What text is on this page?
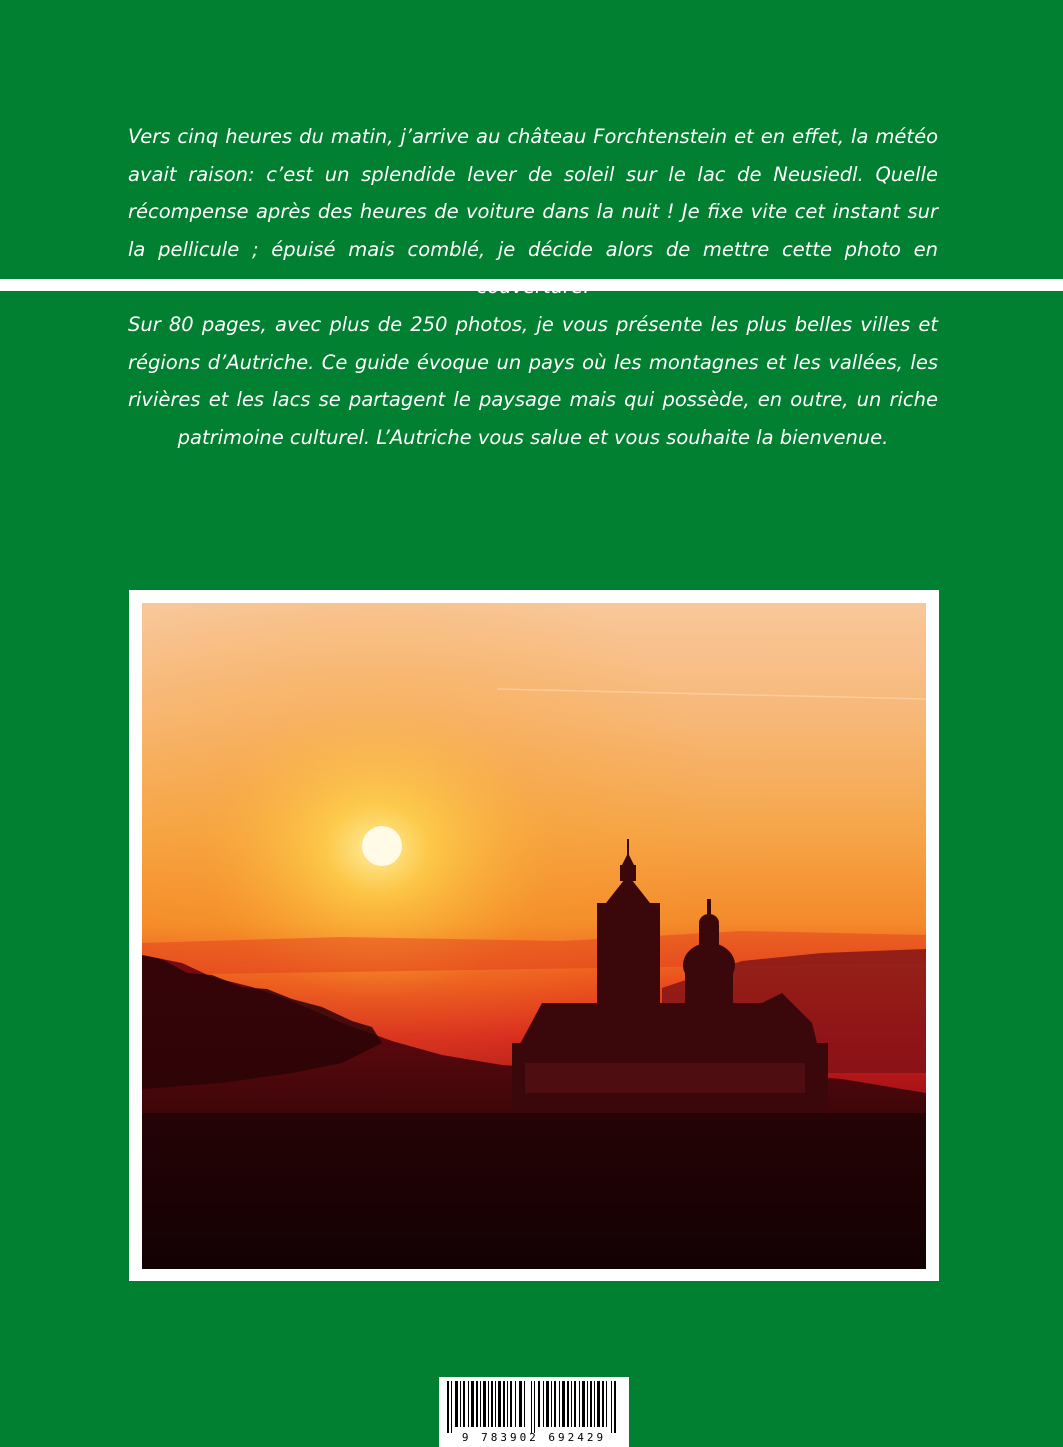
Vers cinq heures du matin, j’arrive au château Forchtenstein et en effet, la météo avait raison: c’est un splendide lever de soleil sur le lac de Neusiedl. Quelle récompense après des heures de voiture dans la nuit ! Je fixe vite cet instant sur la pellicule ; épuisé mais comblé, je décide alors de mettre cette photo en

Sur 80 pages, avec plus de 250 photos, je vous présente les plus belles villes et régions d’Autriche. Ce guide évoque un pays où les montagnes et les vallées, les rivières et les lacs se partagent le paysage mais qui possède, en outre, un riche patrimoine culturel. L’Autriche vous salue et vous souhaite la bienvenue.

9 783902 692429
